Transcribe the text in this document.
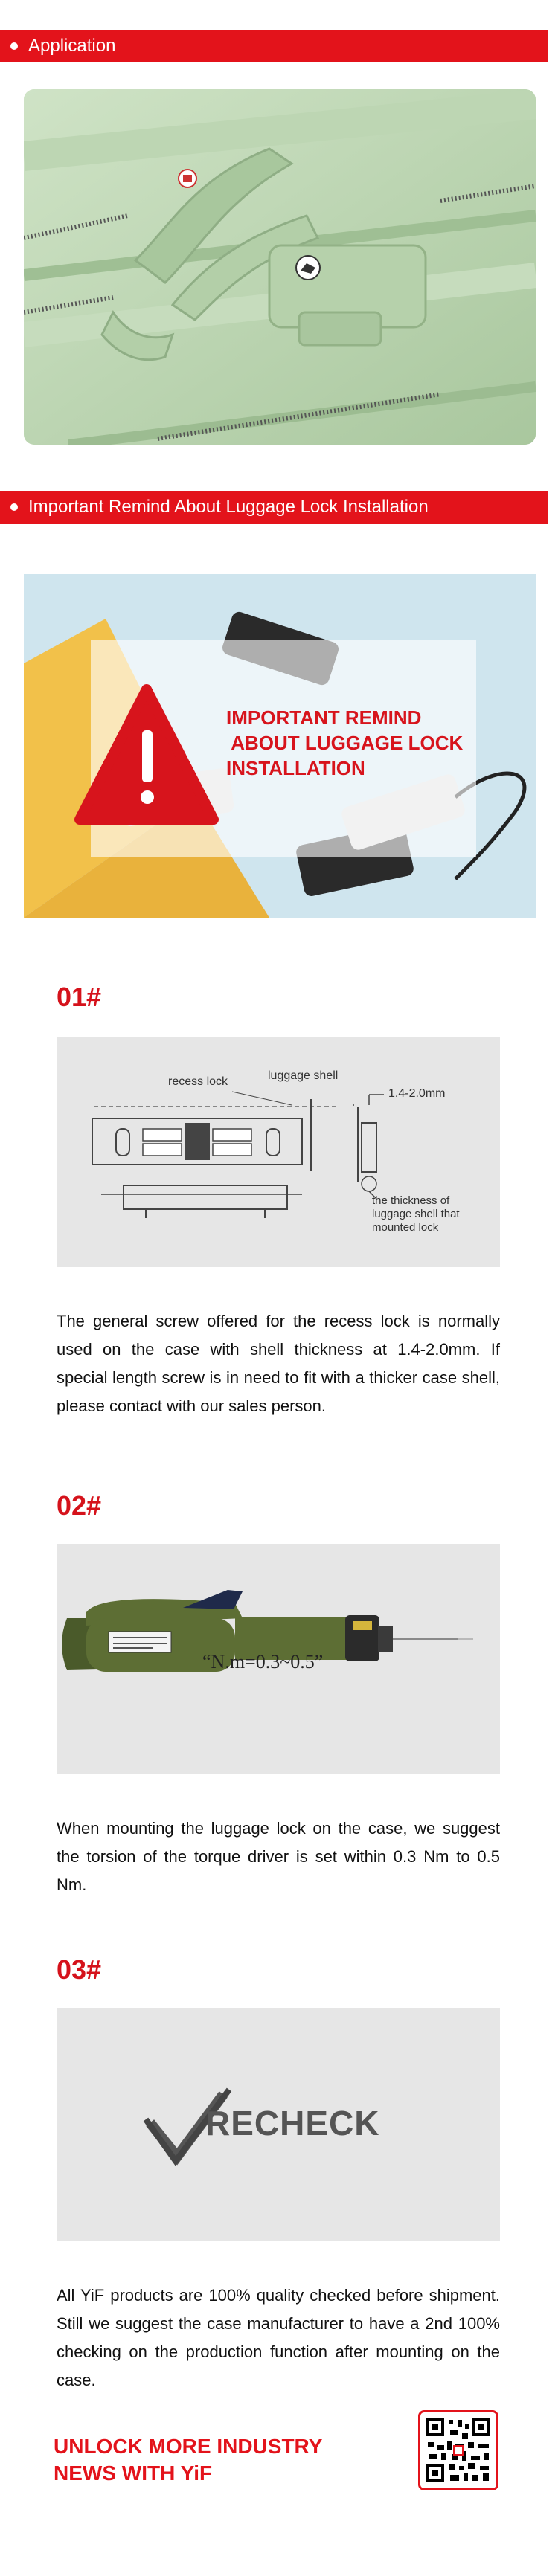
Application
Important Remind About Luggage Lock Installation
IMPORTANT REMIND
ABOUT LUGGAGE LOCK
INSTALLATION
01#
recess lock	luggage shell
1.4-2.0mm
the thickness of
luggage shell that
mounted lock

The general screw offered for the recess lock is normally used on the case with shell thickness at 1.4-2.0mm. If special length screw is in need to fit with a thicker case shell, please contact with our sales person.

02#
“N.m=0.3~0.5”

When mounting the luggage lock on the case, we suggest the torsion of the torque driver is set within 0.3 Nm to 0.5 Nm.

03#
RECHECK

All YiF products are 100% quality checked before shipment. Still we suggest the case manufacturer to have a 2nd 100% checking on the production function after mounting on the case.

UNLOCK MORE INDUSTRY
NEWS WITH YiF
